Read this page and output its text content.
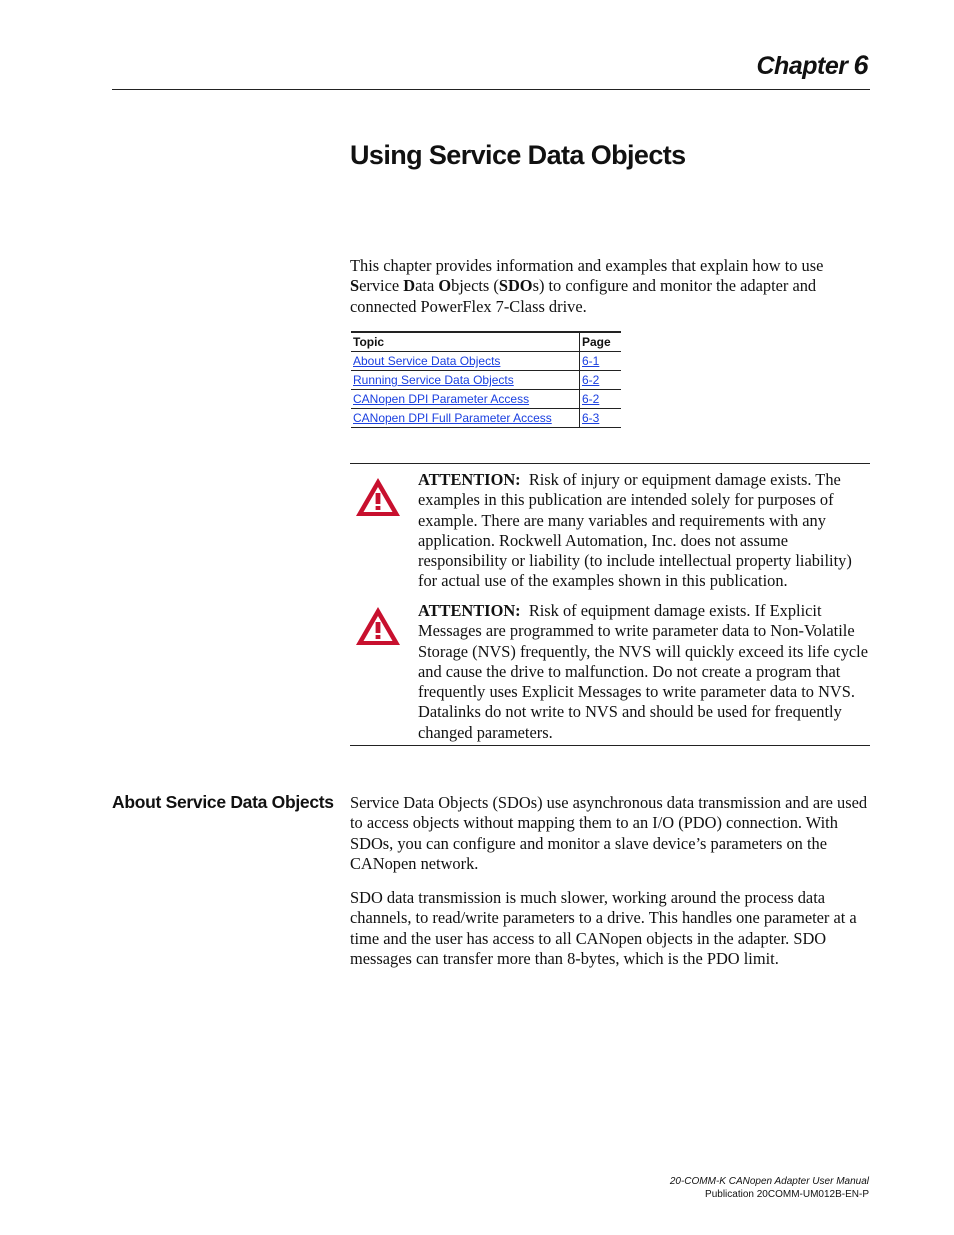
Chapter 6
Using Service Data Objects

This chapter provides information and examples that explain how to use
Service Data Objects (SDOs) to configure and monitor the adapter and
connected PowerFlex 7-Class drive.

Topic	Page
About Service Data Objects	6-1
Running Service Data Objects	6-2
CANopen DPI Parameter Access	6-2
CANopen DPI Full Parameter Access	6-3
ATTENTION: Risk of injury or equipment damage exists. The examples in this publication are intended solely for purposes of example. There are many variables and requirements with any application. Rockwell Automation, Inc. does not assume responsibility or liability (to include intellectual property liability) for actual use of the examples shown in this publication.
ATTENTION: Risk of equipment damage exists. If Explicit Messages are programmed to write parameter data to Non-Volatile Storage (NVS) frequently, the NVS will quickly exceed its life cycle and cause the drive to malfunction. Do not create a program that frequently uses Explicit Messages to write parameter data to NVS. Datalinks do not write to NVS and should be used for frequently changed parameters.
About Service Data Objects Service Data Objects (SDOs) use asynchronous data transmission and are used to access objects without mapping them to an I/O (PDO) connection. With SDOs, you can configure and monitor a slave device’s parameters on the CANopen network.

SDO data transmission is much slower, working around the process data channels, to read/write parameters to a drive. This handles one parameter at a time and the user has access to all CANopen objects in the adapter. SDO messages can transfer more than 8-bytes, which is the PDO limit.

20-COMM-K CANopen Adapter User Manual
Publication 20COMM-UM012B-EN-P
